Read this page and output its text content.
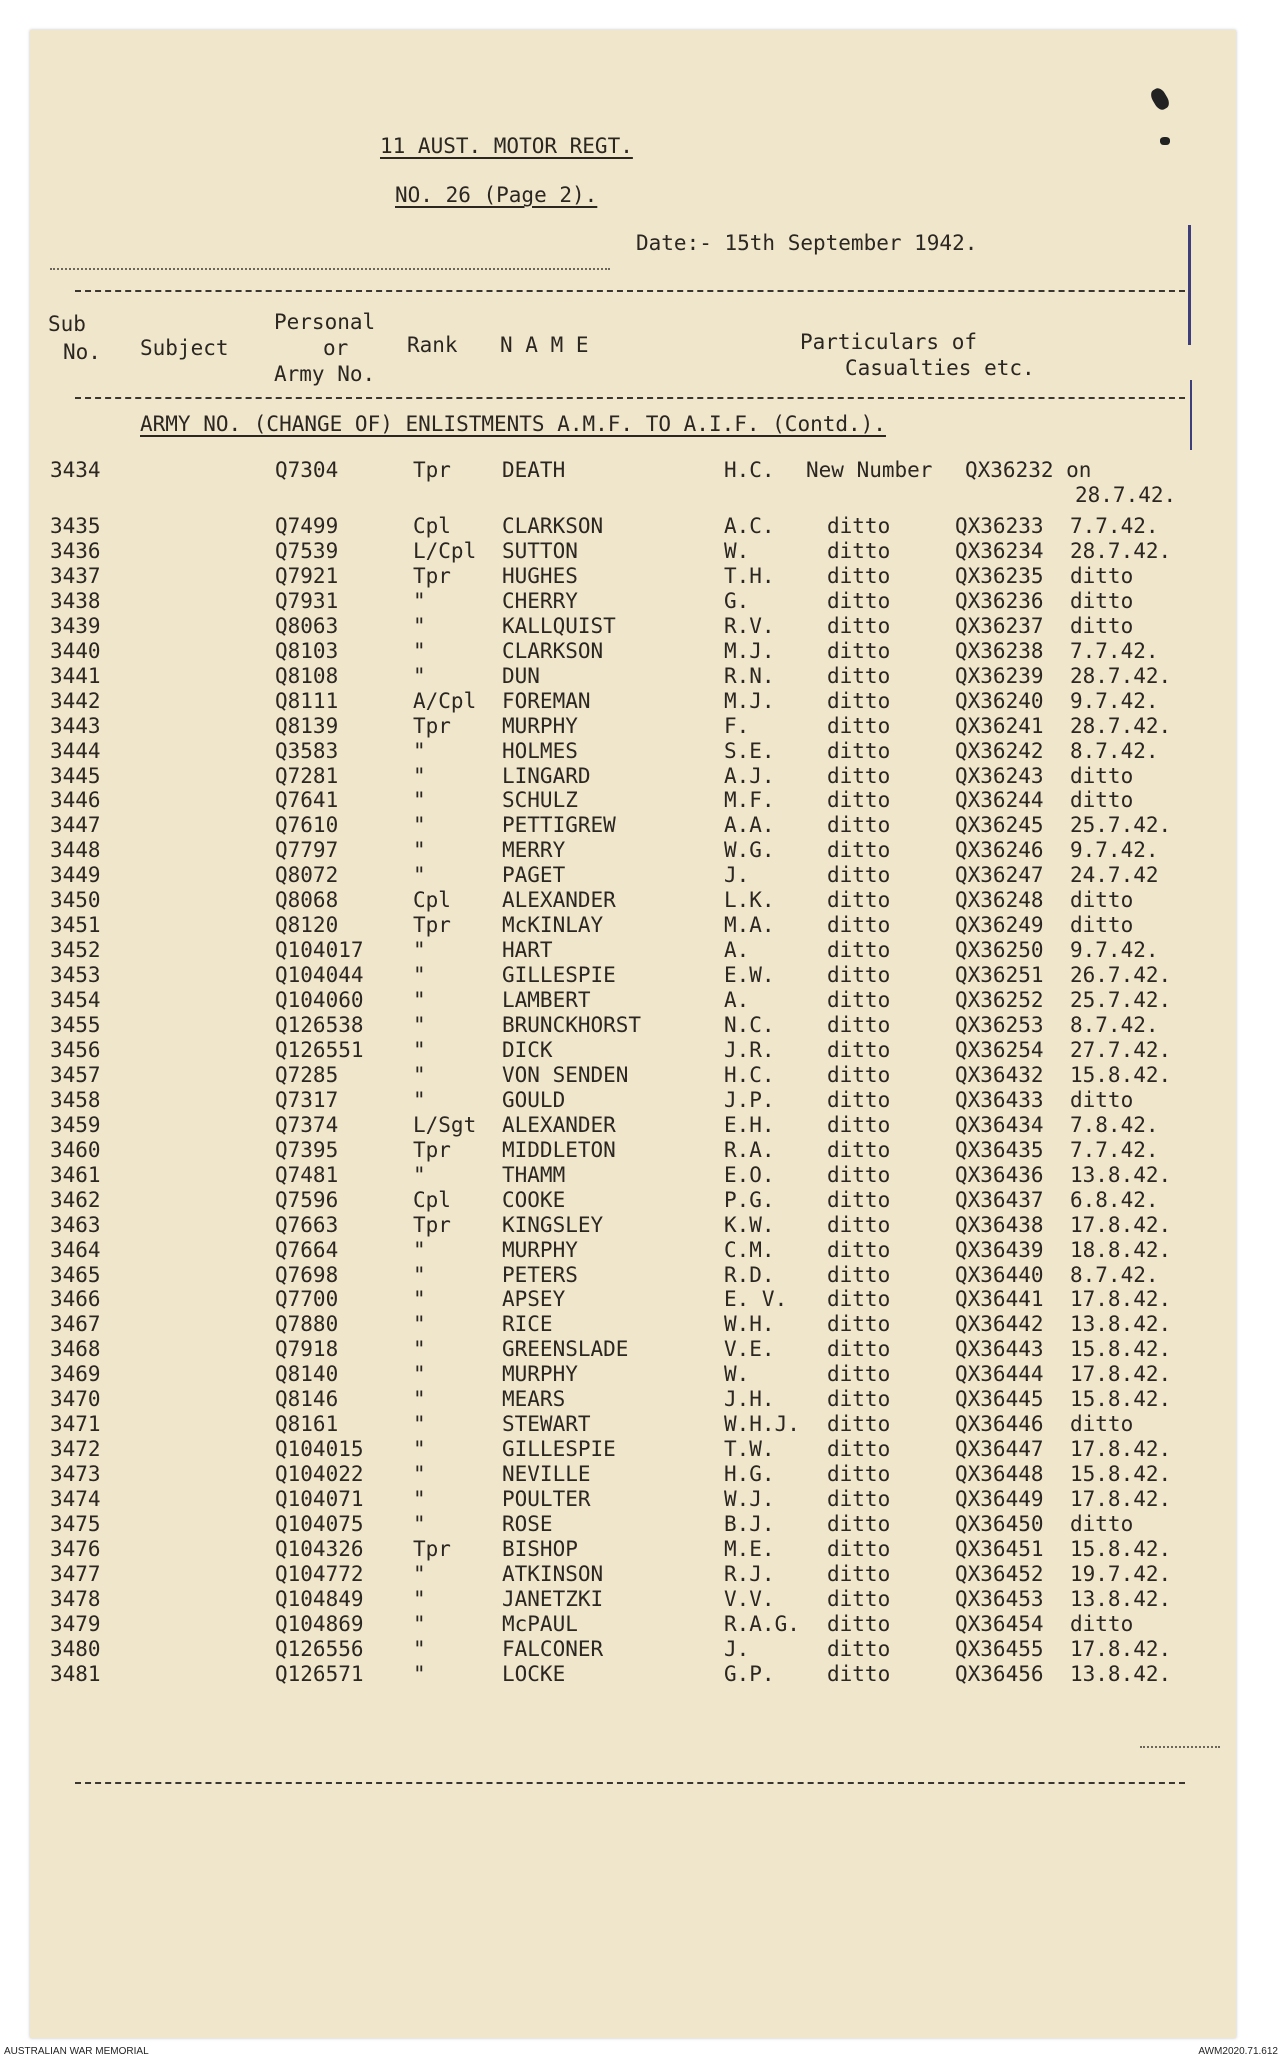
11 AUST. MOTOR REGT.
NO. 26 (Page 2).
Date:- 15th September 1942.
Sub
No. Subject
Personal
or
Army No.
Rank N A M E	Particulars of
Casualties etc.
ARMY NO. (CHANGE OF) ENLISTMENTS A.M.F. TO A.I.F. (Contd.).
3434	Q7304	Tpr DEATH	H.C. New Number QX36232 on
28.7.42.
3435	Q7499	Cpl CLARKSON	A.C. ditto	QX36233 7.7.42.
3436	Q7539	L/Cpl SUTTON	W.	ditto	QX36234 28.7.42.
3437	Q7921	Tpr HUGHES	T.H. ditto	QX36235 ditto
3438	Q7931	"	CHERRY	G.	ditto	QX36236 ditto
3439	Q8063	"	KALLQUIST	R.V. ditto	QX36237 ditto
3440	Q8103	"	CLARKSON	M.J. ditto	QX36238 7.7.42.
3441	Q8108	"	DUN	R.N. ditto	QX36239 28.7.42.
3442	Q8111	A/Cpl FOREMAN	M.J. ditto	QX36240 9.7.42.
3443	Q8139	Tpr MURPHY	F.	ditto	QX36241 28.7.42.
3444	Q3583	"	HOLMES	S.E. ditto	QX36242 8.7.42.
3445	Q7281	"	LINGARD	A.J. ditto	QX36243 ditto
3446	Q7641	"	SCHULZ	M.F. ditto	QX36244 ditto
3447	Q7610	"	PETTIGREW	A.A. ditto	QX36245 25.7.42.
3448	Q7797	"	MERRY	W.G. ditto	QX36246 9.7.42.
3449	Q8072	"	PAGET	J.	ditto	QX36247 24.7.42
3450	Q8068	Cpl ALEXANDER	L.K. ditto	QX36248 ditto
3451	Q8120	Tpr McKINLAY	M.A. ditto	QX36249 ditto
3452	Q104017 "	HART	A.	ditto	QX36250 9.7.42.
3453	Q104044 "	GILLESPIE	E.W. ditto	QX36251 26.7.42.
3454	Q104060 "	LAMBERT	A.	ditto	QX36252 25.7.42.
3455	Q126538 "	BRUNCKHORST	N.C. ditto	QX36253 8.7.42.
3456	Q126551 "	DICK	J.R. ditto	QX36254 27.7.42.
3457	Q7285	"	VON SENDEN	H.C. ditto	QX36432 15.8.42.
3458	Q7317	"	GOULD	J.P. ditto	QX36433 ditto
3459	Q7374	L/Sgt ALEXANDER	E.H. ditto	QX36434 7.8.42.
3460	Q7395	Tpr MIDDLETON	R.A. ditto	QX36435 7.7.42.
3461	Q7481	"	THAMM	E.O. ditto	QX36436 13.8.42.
3462	Q7596	Cpl COOKE	P.G. ditto	QX36437 6.8.42.
3463	Q7663	Tpr KINGSLEY	K.W. ditto	QX36438 17.8.42.
3464	Q7664	"	MURPHY	C.M. ditto	QX36439 18.8.42.
3465	Q7698	"	PETERS	R.D. ditto	QX36440 8.7.42.
3466	Q7700	"	APSEY	E. V. ditto	QX36441 17.8.42.
3467	Q7880	"	RICE	W.H. ditto	QX36442 13.8.42.
3468	Q7918	"	GREENSLADE	V.E. ditto	QX36443 15.8.42.
3469	Q8140	"	MURPHY	W.	ditto	QX36444 17.8.42.
3470	Q8146	"	MEARS	J.H. ditto	QX36445 15.8.42.
3471	Q8161	"	STEWART	W.H.J. ditto	QX36446 ditto
3472	Q104015 "	GILLESPIE	T.W. ditto	QX36447 17.8.42.
3473	Q104022 "	NEVILLE	H.G. ditto	QX36448 15.8.42.
3474	Q104071 "	POULTER	W.J. ditto	QX36449 17.8.42.
3475	Q104075 "	ROSE	B.J. ditto	QX36450 ditto
3476	Q104326 Tpr BISHOP	M.E. ditto	QX36451 15.8.42.
3477	Q104772 "	ATKINSON	R.J. ditto	QX36452 19.7.42.
3478	Q104849 "	JANETZKI	V.V. ditto	QX36453 13.8.42.
3479	Q104869 "	McPAUL	R.A.G. ditto	QX36454 ditto
3480	Q126556 "	FALCONER	J.	ditto	QX36455 17.8.42.
3481	Q126571 "	LOCKE	G.P. ditto	QX36456 13.8.42.
AUSTRALIAN WAR MEMORIAL	AWM2020.71.612
